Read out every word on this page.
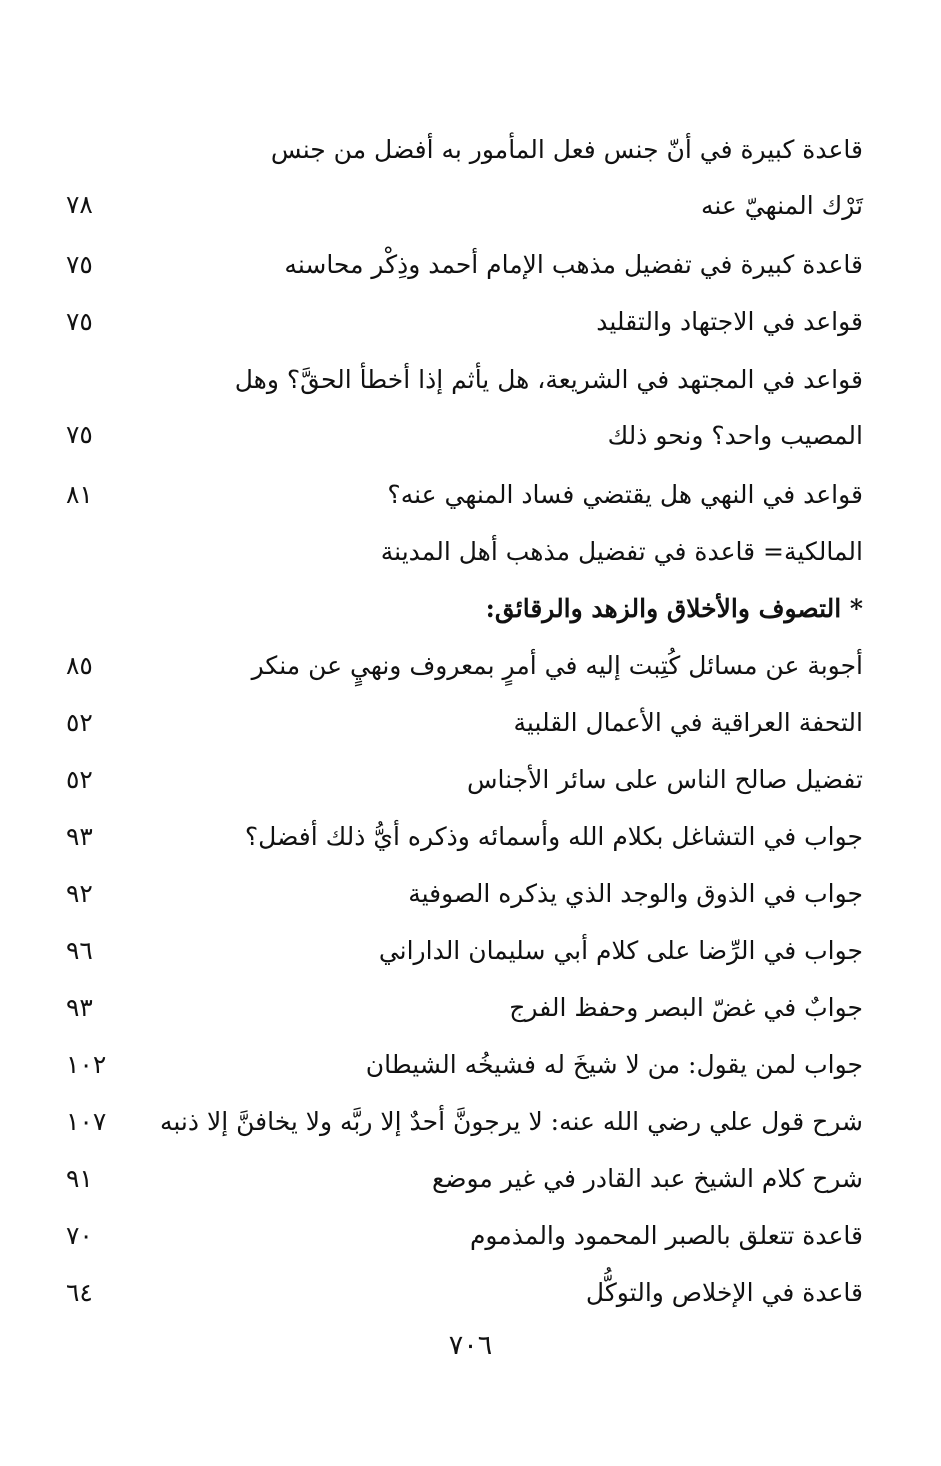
قاعدة كبيرة في أنّ جنس فعل المأمور به أفضل من جنس تَرْك المنهيّ عنه
٧٨
قاعدة كبيرة في تفضيل مذهب الإمام أحمد وذِكْر محاسنه
٧٥
قواعد في الاجتهاد والتقليد
٧٥
قواعد في المجتهد في الشريعة، هل يأثم إذا أخطأ الحقَّ؟ وهل المصيب واحد؟ ونحو ذلك
٧٥
قواعد في النهي هل يقتضي فساد المنهي عنه؟
٨١
المالكية= قاعدة في تفضيل مذهب أهل المدينة
* التصوف والأخلاق والزهد والرقائق:
أجوبة عن مسائل كُتِبت إليه في أمرٍ بمعروف ونهيٍ عن منكر
٨٥
التحفة العراقية في الأعمال القلبية
٥٢
تفضيل صالح الناس على سائر الأجناس
٥٢
جواب في التشاغل بكلام الله وأسمائه وذكره أيُّ ذلك أفضل؟
٩٣
جواب في الذوق والوجد الذي يذكره الصوفية
٩٢
جواب في الرِّضا على كلام أبي سليمان الداراني
٩٦
جوابٌ في غضّ البصر وحفظ الفرج
٩٣
جواب لمن يقول: من لا شيخَ له فشيخُه الشيطان
١٠٢
شرح قول علي رضي الله عنه: لا يرجونَّ أحدٌ إلا ربَّه ولا يخافنَّ إلا ذنبه
١٠٧
شرح كلام الشيخ عبد القادر في غير موضع
٩١
قاعدة تتعلق بالصبر المحمود والمذموم
٧٠
قاعدة في الإخلاص والتوكُّل
٦٤
٧٠٦
